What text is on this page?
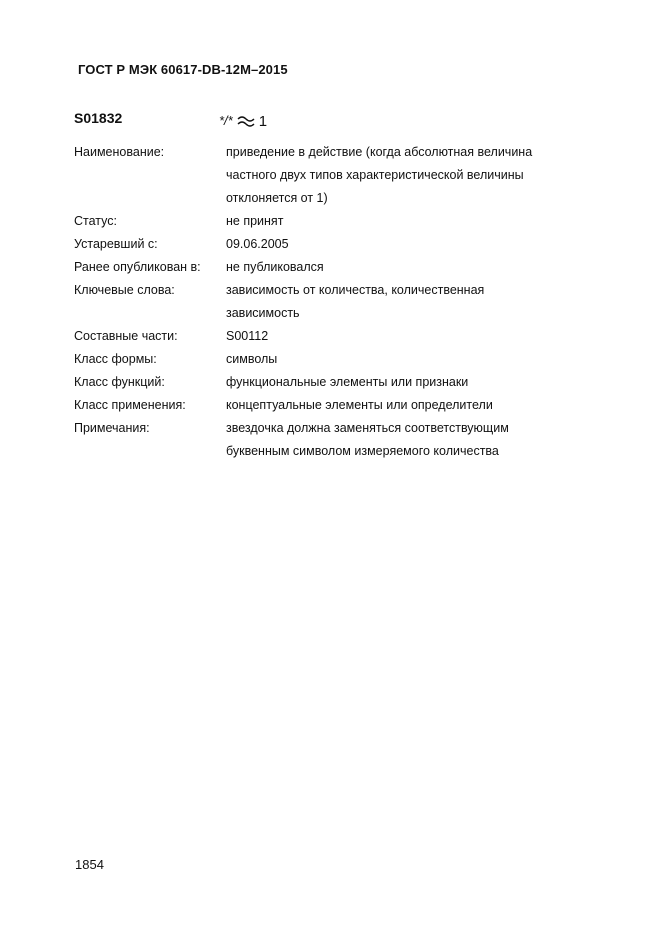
ГОСТ Р МЭК 60617-DB-12M–2015
S01832	*/* 1
Наименование:	приведение в действие (когда абсолютная величина
частного двух типов характеристической величины
отклоняется от 1)
Статус:	не принят
Устаревший с:	09.06.2005
Ранее опубликован в:	не публиковался
Ключевые слова:	зависимость от количества, количественная
зависимость
Составные части:	S00112
Класс формы:	символы
Класс функций:	функциональные элементы или признаки
Класс применения:	концептуальные элементы или определители
Примечания:	звездочка должна заменяться соответствующим
буквенным символом измеряемого количества
1854
